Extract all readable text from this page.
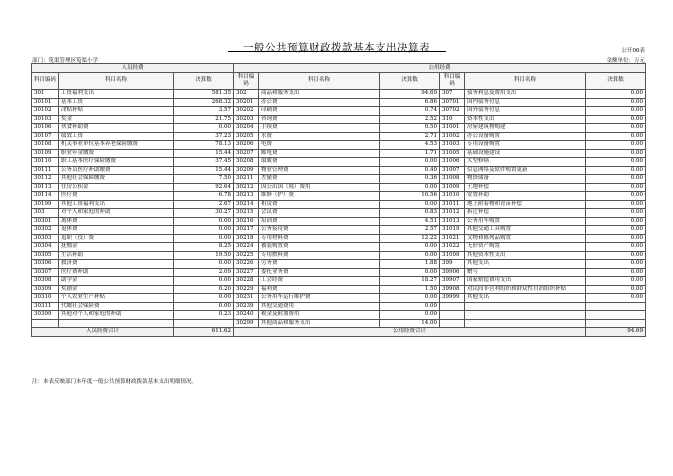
一般公共预算财政拨款基本支出决算表	公开06表
部门：笕渠管理区笕渠小学	金额单位：万元
人员经费			公用经费					
科目编码	科目名称	决算数	科目编码	科目名称	决算数	科目编码	科目名称	决算数
301	工资福利支出	581.35	302	商品和服务支出	94.69	307	债务利息及费用支出	0.00
30101	基本工资	268.32	30201	办公费	6.86	30701	国内债务付息	0.00
30102	津贴补贴	3.57	30202	印刷费	0.74	30702	国外债务付息	0.00
30103	奖金	21.75	30203	咨询费	2.52	310	资本性支出	0.00
30106	伙食补助费	0.00	30204	手续费	0.50	31001	房屋建筑物购建	0.00
30107	绩效工资	37.23	30205	水费	2.71	31002	办公设备购置	0.00
30108	机关事业单位基本养老保险缴费	78.13	30206	电费	4.53	31003	专用设备购置	0.00
30109	职业年金缴费	15.44	30207	邮电费	1.71	31005	基础设施建设	0.00
30110	职工基本医疗保险缴费	37.45	30208	取暖费	0.00	31006	大型修缮	0.00
30111	公务员医疗补助缴费	15.44	30209	物业管理费	0.40	31007	信息网络及软件购置更新	0.00
30112	其他社会保障缴费	7.50	30211	差旅费	0.36	31008	物资储备	0.00
30113	住房公积金	92.64	30212	因公出国（境）费用	0.00	31009	土地补偿	0.00
30114	医疗费	6.78	30213	维修（护）费	10.56	31010	安置补助	0.00
30199	其他工资福利支出	2.67	30214	租赁费	0.00	31011	地上附着物和青苗补偿	0.00
303	对个人和家庭的补助	30.27	30215	会议费	0.83	31012	拆迁补偿	0.00
30301	离休费	0.00	30216	培训费	4.51	31013	公务用车购置	0.00
30302	退休费	0.00	30217	公务接待费	2.57	31019	其他交通工具购置	0.00
30303	退职（役）费	0.00	30218	专用材料费	12.22	31021	文物和陈列品购置	0.00
30304	抚恤金	8.25	30224	被装购置费	0.00	31022	无形资产购置	0.00
30305	生活补助	19.50	30225	专用燃料费	0.00	31099	其他资本性支出	0.00
30306	救济费	0.00	30226	劳务费	1.88	399	其他支出	0.00
30307	医疗费补助	2.09	30227	委托业务费	0.00	39906	赠与	0.00
30308	助学金	0.00	30228	工会经费	18.27	39907	国家赔偿费用支出	0.00
30309	奖励金	0.20	30229	福利费	1.50	39908	对民间非营利组织和群众性自治组织补贴	0.00
30310	个人农业生产补贴	0.00	30231	公务用车运行维护费	0.00	39999	其他支出	0.00
30311	代缴社会保险费	0.00	30239	其他交通费用	0.00			
30399	其他对个人和家庭的补助	0.23	30240	税金及附加费用	0.00			
			30299	其他商品和服务支出	14.00			
人员经费合计		611.62	公用经费合计					94.69
注：本表反映部门本年度一般公共预算财政拨款基本支出明细情况。
